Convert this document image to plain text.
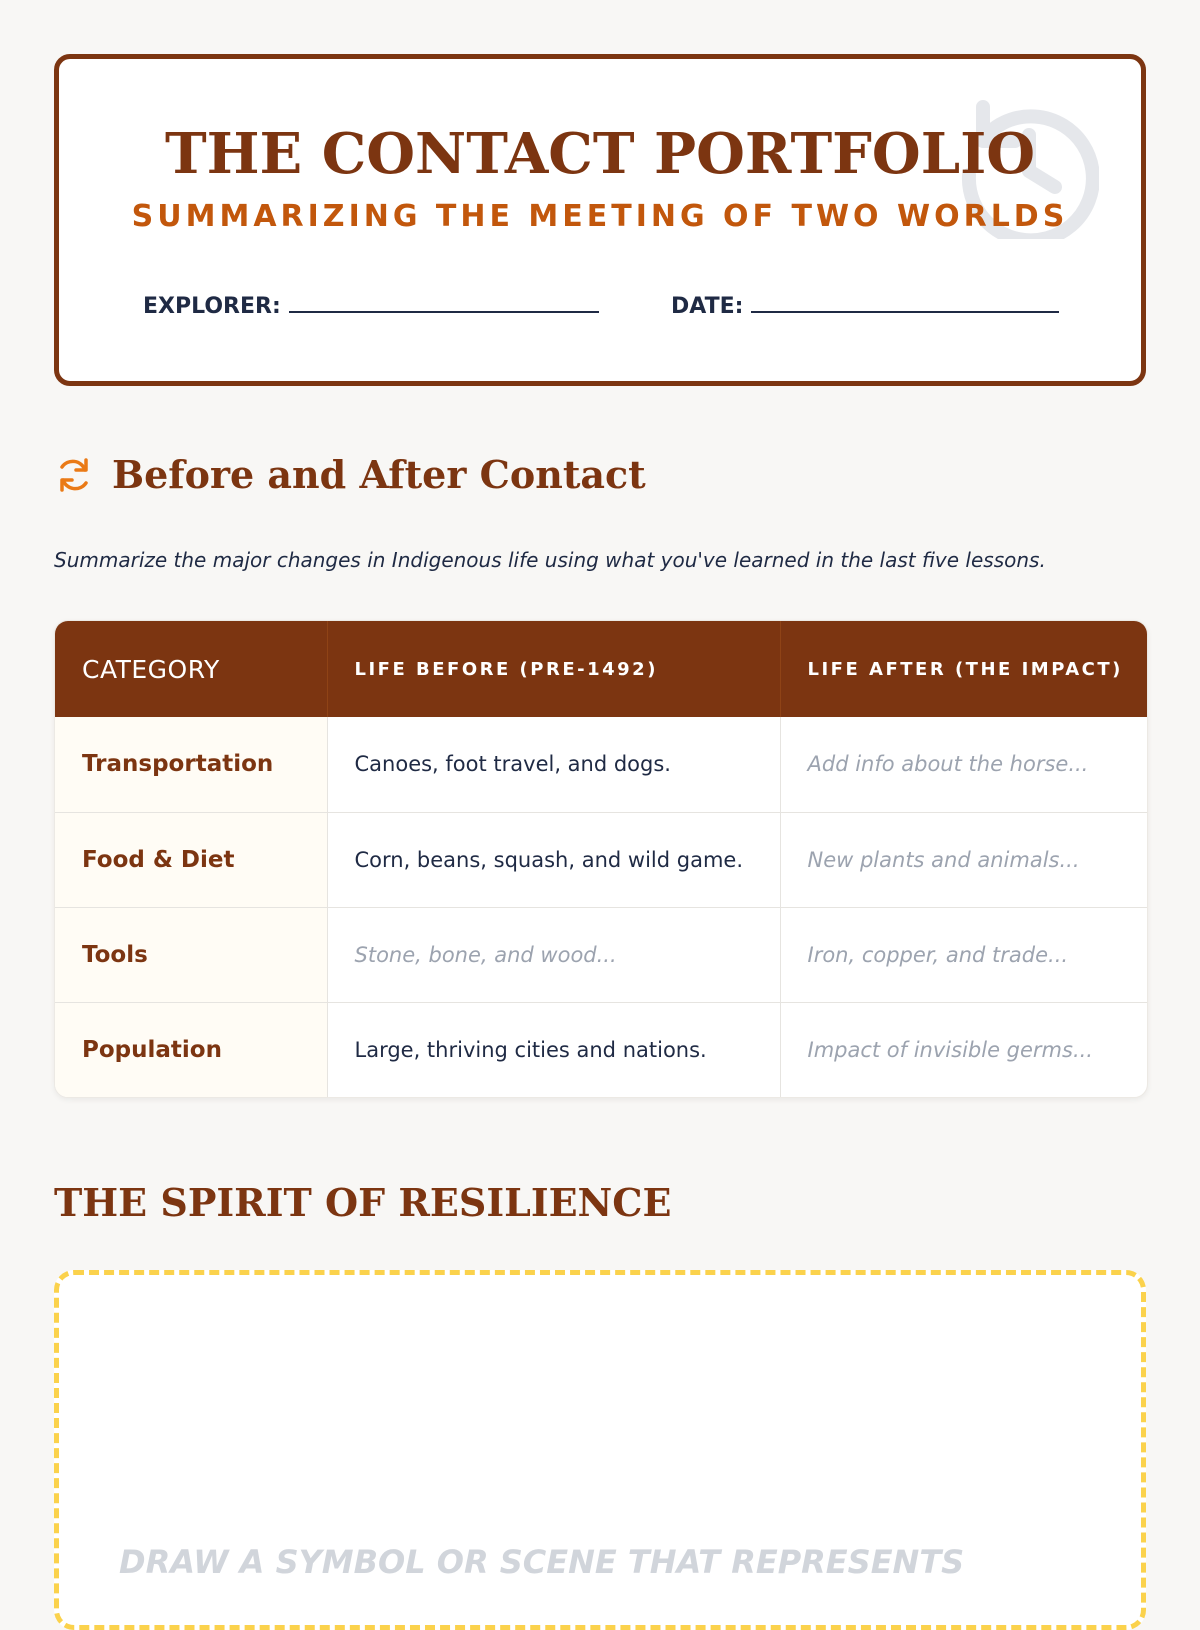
THE CONTACT PORTFOLIO
SUMMARIZING THE MEETING OF TWO WORLDS
EXPLORER:	DATE:
Before and After Contact
Summarize the major changes in Indigenous life using what you've learned in the last five lessons.
CATEGORY	LIFE BEFORE (PRE-1492)	LIFE AFTER (THE IMPACT)
Transportation	Canoes, foot travel, and dogs.	Add info about the horse...
Food & Diet	Corn, beans, squash, and wild game.	New plants and animals...
Tools	Stone, bone, and wood...	Iron, copper, and trade...
Population	Large, thriving cities and nations.	Impact of invisible germs...
THE SPIRIT OF RESILIENCE
DRAW A SYMBOL OR SCENE THAT REPRESENTS
